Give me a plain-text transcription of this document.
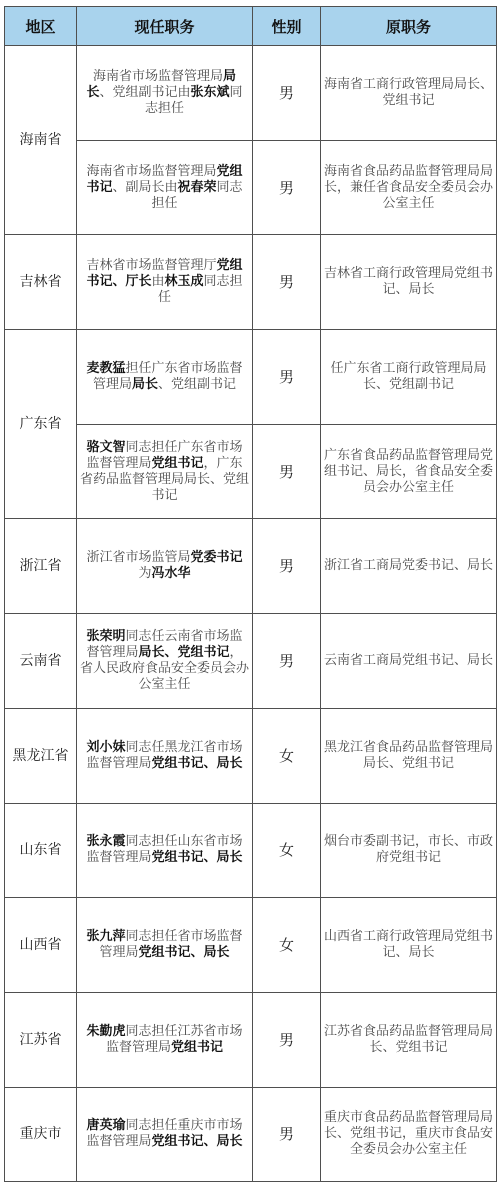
地区	现任职务	性别	原职务
海南省	海南省市场监督管理局局长、党组副书记由张东斌同志担任	男	海南省工商行政管理局局长、党组书记
	海南省市场监督管理局党组书记、副局长由祝春荣同志担任	男	海南省食品药品监督管理局局长，兼任省食品安全委员会办公室主任
吉林省	吉林省市场监督管理厅党组书记、厅长由林玉成同志担任	男	吉林省工商行政管理局党组书记、局长
广东省	麦教猛担任广东省市场监督管理局局长、党组副书记	男	任广东省工商行政管理局局长、党组副书记
	骆文智同志担任广东省市场监督管理局党组书记，广东省药品监督管理局局长、党组书记	男	广东省食品药品监督管理局党组书记、局长，省食品安全委员会办公室主任
浙江省	浙江省市场监管局党委书记为冯水华	男	浙江省工商局党委书记、局长
云南省	张荣明同志任云南省市场监督管理局局长、党组书记，省人民政府食品安全委员会办公室主任	男	云南省工商局党组书记、局长
黑龙江省	刘小妹同志任黑龙江省市场监督管理局党组书记、局长	女	黑龙江省食品药品监督管理局局长、党组书记
山东省	张永霞同志担任山东省市场监督管理局党组书记、局长	女	烟台市委副书记，市长、市政府党组书记
山西省	张九萍同志担任省市场监督管理局党组书记、局长	女	山西省工商行政管理局党组书记、局长
江苏省	朱勤虎同志担任江苏省市场监督管理局党组书记	男	江苏省食品药品监督管理局局长、党组书记
重庆市	唐英瑜同志担任重庆市市场监督管理局党组书记、局长	男	重庆市食品药品监督管理局局长、党组书记，重庆市食品安全委员会办公室主任
